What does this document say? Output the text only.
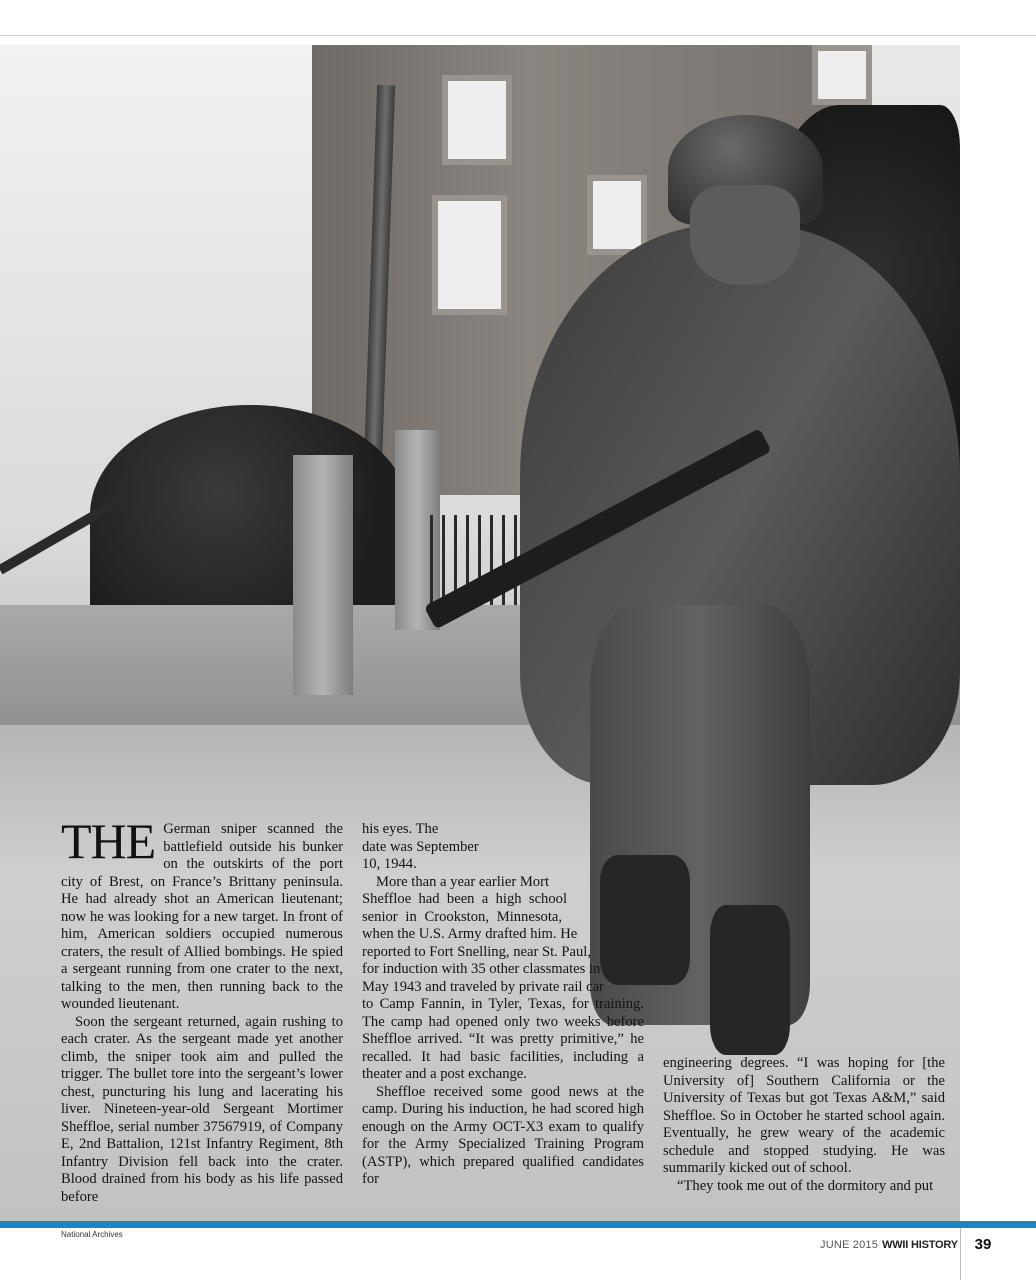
THE German sniper scanned the battlefield outside his bunker on the outskirts of the port city of Brest, on France’s Brittany peninsula. He had already shot an American lieutenant; now he was looking for a new target. In front of him, American soldiers occupied numerous craters, the result of Allied bombings. He spied a sergeant running from one crater to the next, talking to the men, then running back to the wounded lieutenant.

Soon the sergeant returned, again rushing to each crater. As the sergeant made yet another climb, the sniper took aim and pulled the trigger. The bullet tore into the sergeant’s lower chest, puncturing his lung and lacerating his liver. Nineteen-year-old Sergeant Mortimer Sheffloe, serial number 37567919, of Company E, 2nd Battalion, 121st Infantry Regiment, 8th Infantry Division fell back into the crater. Blood drained from his body as his life passed before

his eyes. The
date was September
10, 1944.
More than a year earlier Mort
Sheffloe had been a high school
senior in Crookston, Minnesota,
when the U.S. Army drafted him. He
reported to Fort Snelling, near St. Paul,
for induction with 35 other classmates in
May 1943 and traveled by private rail car

to Camp Fannin, in Tyler, Texas, for training. The camp had opened only two weeks before Sheffloe arrived. “It was pretty primitive,” he recalled. It had basic facilities, including a theater and a post exchange.

Sheffloe received some good news at the camp. During his induction, he had scored high enough on the Army OCT-X3 exam to qualify for the Army Specialized Training Program (ASTP), which prepared qualified candidates for

engineering degrees. “I was hoping for [the University of] Southern California or the University of Texas but got Texas A&M,” said Sheffloe. So in October he started school again. Eventually, he grew weary of the academic schedule and stopped studying. He was summarily kicked out of school.

“They took me out of the dormitory and put

National Archives
JUNE 2015 WWII HISTORY	39
